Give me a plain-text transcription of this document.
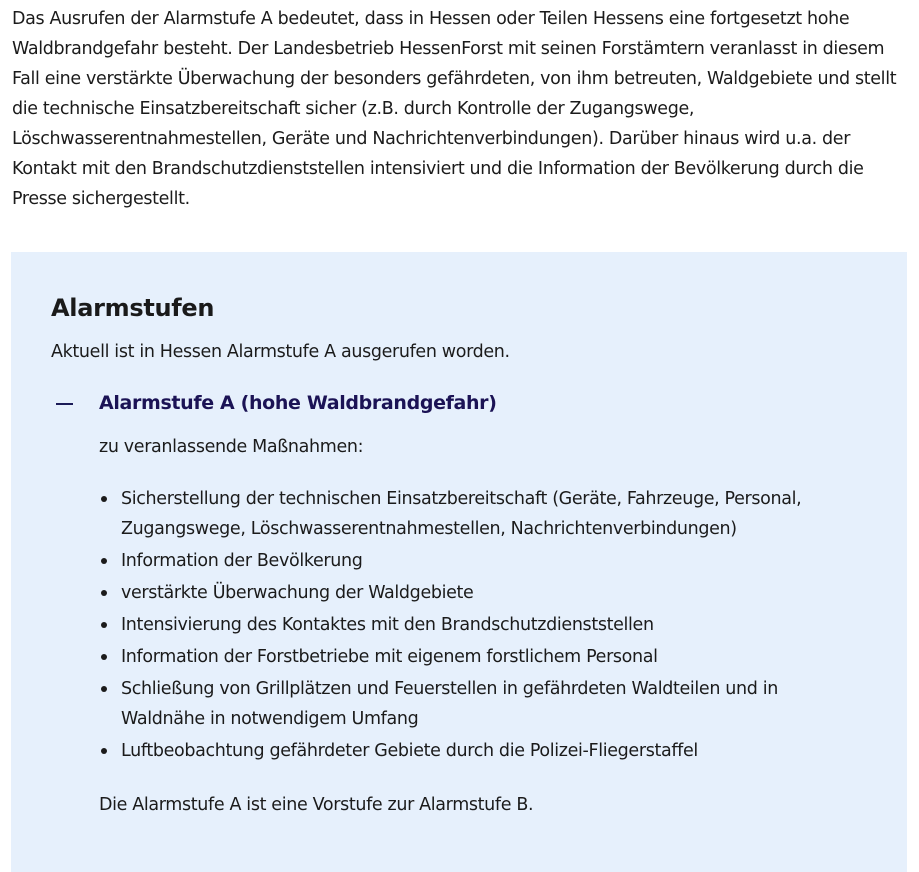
Das Ausrufen der Alarmstufe A bedeutet, dass in Hessen oder Teilen Hessens eine fortgesetzt hohe Waldbrandgefahr besteht. Der Landesbetrieb HessenForst mit seinen Forstämtern veranlasst in diesem Fall eine verstärkte Überwachung der besonders gefährdeten, von ihm betreuten, Waldgebiete und stellt die technische Einsatzbereitschaft sicher (z.B. durch Kontrolle der Zugangswege, Löschwasserentnahmestellen, Geräte und Nachrichtenverbindungen). Darüber hinaus wird u.a. der Kontakt mit den Brandschutzdienststellen intensiviert und die Information der Bevölkerung durch die Presse sichergestellt.

Alarmstufen

Aktuell ist in Hessen Alarmstufe A ausgerufen worden.

Alarmstufe A (hohe Waldbrandgefahr)

zu veranlassende Maßnahmen:

Sicherstellung der technischen Einsatzbereitschaft (Geräte, Fahrzeuge, Personal, Zugangswege, Löschwasserentnahmestellen, Nachrichtenverbindungen)
Information der Bevölkerung
verstärkte Überwachung der Waldgebiete
Intensivierung des Kontaktes mit den Brandschutzdienststellen
Information der Forstbetriebe mit eigenem forstlichem Personal
Schließung von Grillplätzen und Feuerstellen in gefährdeten Waldteilen und in Waldnähe in notwendigem Umfang
Luftbeobachtung gefährdeter Gebiete durch die Polizei-Fliegerstaffel

Die Alarmstufe A ist eine Vorstufe zur Alarmstufe B.
